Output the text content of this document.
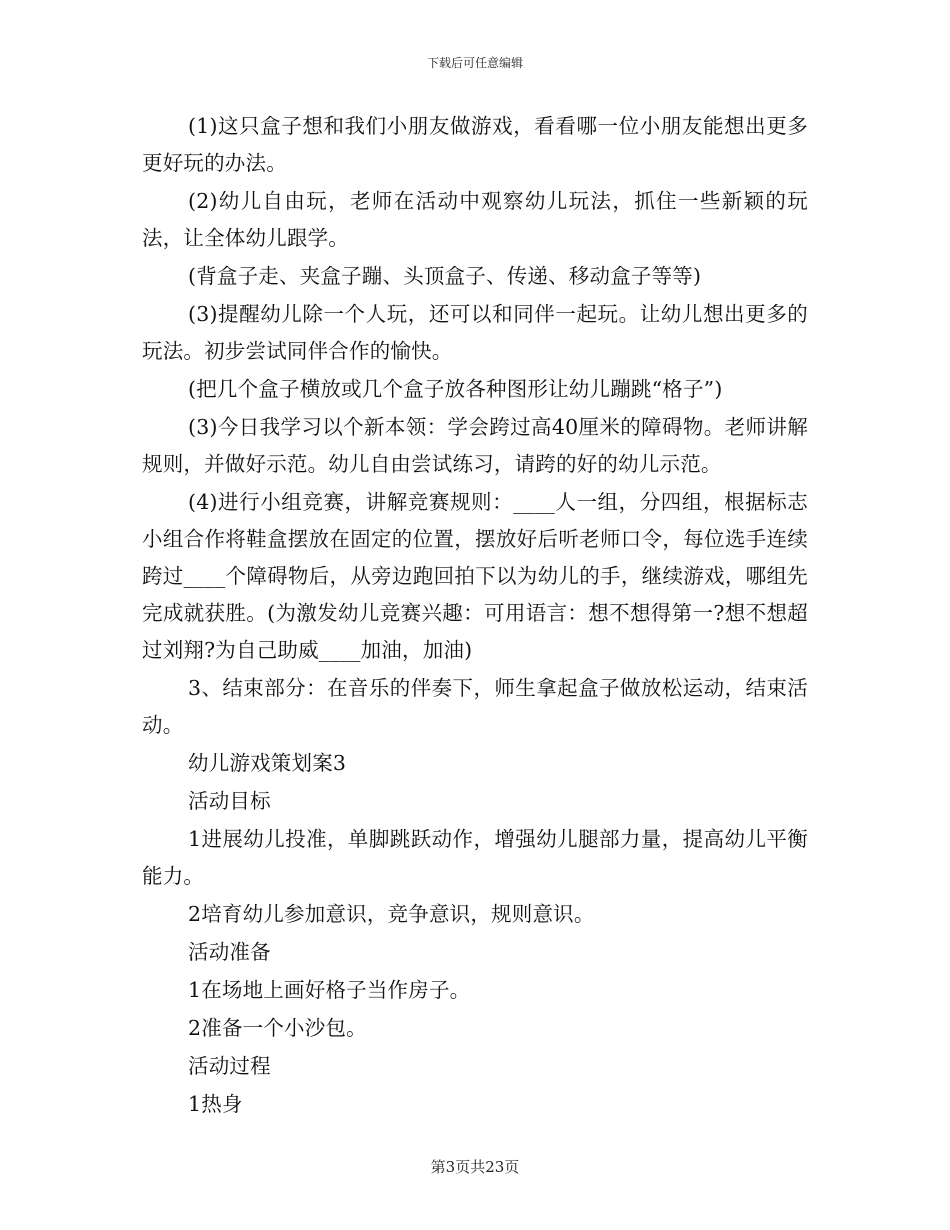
下载后可任意编辑

(1)这只盒子想和我们小朋友做游戏，看看哪一位小朋友能想出更多更好玩的办法。

(2)幼儿自由玩，老师在活动中观察幼儿玩法，抓住一些新颖的玩法，让全体幼儿跟学。

(背盒子走、夹盒子蹦、头顶盒子、传递、移动盒子等等)

(3)提醒幼儿除一个人玩，还可以和同伴一起玩。让幼儿想出更多的玩法。初步尝试同伴合作的愉快。

(把几个盒子横放或几个盒子放各种图形让幼儿蹦跳“格子”)

(3)今日我学习以个新本领：学会跨过高40厘米的障碍物。老师讲解规则，并做好示范。幼儿自由尝试练习，请跨的好的幼儿示范。

(4)进行小组竞赛，讲解竞赛规则：____人一组，分四组，根据标志小组合作将鞋盒摆放在固定的位置，摆放好后听老师口令，每位选手连续跨过____个障碍物后，从旁边跑回拍下以为幼儿的手，继续游戏，哪组先完成就获胜。(为激发幼儿竞赛兴趣：可用语言：想不想得第一?想不想超过刘翔?为自己助威____加油，加油)

3、结束部分：在音乐的伴奏下，师生拿起盒子做放松运动，结束活动。

幼儿游戏策划案3

活动目标

1进展幼儿投准，单脚跳跃动作，增强幼儿腿部力量，提高幼儿平衡能力。

2培育幼儿参加意识，竞争意识，规则意识。

活动准备

1在场地上画好格子当作房子。

2准备一个小沙包。

活动过程

1热身

第3页共23页
